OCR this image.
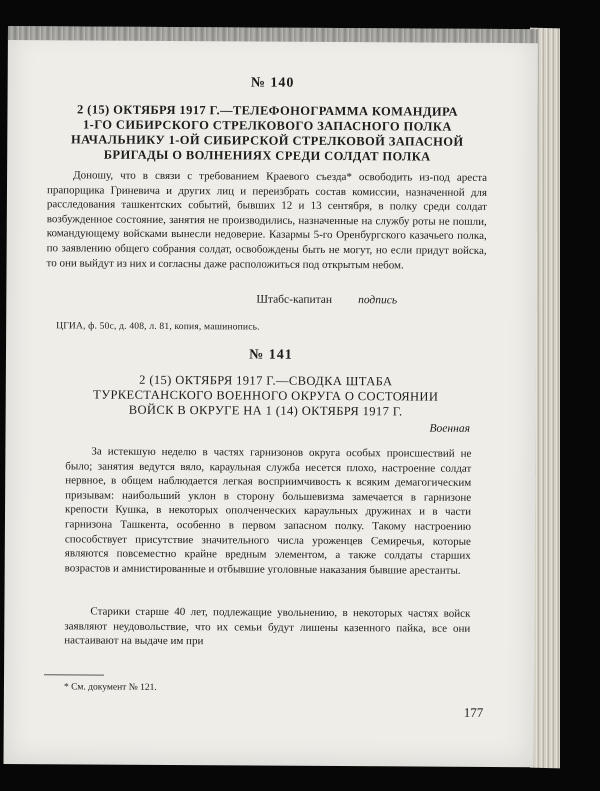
№ 140
2 (15) ОКТЯБРЯ 1917 Г.—ТЕЛЕФОНОГРАММА КОМАНДИРА
1-ГО СИБИРСКОГО СТРЕЛКОВОГО ЗАПАСНОГО ПОЛКА
НАЧАЛЬНИКУ 1-ОЙ СИБИРСКОЙ СТРЕЛКОВОЙ ЗАПАСНОЙ
БРИГАДЫ О ВОЛНЕНИЯХ СРЕДИ СОЛДАТ ПОЛКА

Доношу, что в связи с требованием Краевого съезда* освободить из-под ареста прапорщика Гриневича и других лиц и переизбрать состав комиссии, назначенной для расследования ташкентских событий, бывших 12 и 13 сентября, в полку среди солдат возбужденное состояние, занятия не производились, назначенные на службу роты не пошли, командующему войсками вынесли недоверие. Казармы 5-го Оренбургского казачьего полка, по заявлению общего собрания солдат, освобождены быть не могут, но если придут войска, то они выйдут из них и согласны даже расположиться под открытым небом.

Штабс-капитан подпись
ЦГИА, ф. 50с, д. 408, л. 81, копия, машинопись.
№ 141
2 (15) ОКТЯБРЯ 1917 Г.—СВОДКА ШТАБА
ТУРКЕСТАНСКОГО ВОЕННОГО ОКРУГА О СОСТОЯНИИ
ВОЙСК В ОКРУГЕ НА 1 (14) ОКТЯБРЯ 1917 Г.
Военная

За истекшую неделю в частях гарнизонов округа особых происшествий не было; занятия ведутся вяло, караульная служба несется плохо, настроение солдат нервное, в общем наблюдается легкая восприимчивость к всяким демагогическим призывам: наибольший уклон в сторону большевизма замечается в гарнизоне крепости Кушка, в некоторых ополченческих караульных дружинах и в части гарнизона Ташкента, особенно в первом запасном полку. Такому настроению способствует присутствие значительного числа уроженцев Семиречья, которые являются повсеместно крайне вредным элементом, а также солдаты старших возрастов и амнистированные и отбывшие уголовные наказания бывшие арестанты.

Старики старше 40 лет, подлежащие увольнению, в некоторых частях войск заявляют неудовольствие, что их семьи будут лишены казенного пайка, все они настаивают на выдаче им при

* См. документ № 121.
177
